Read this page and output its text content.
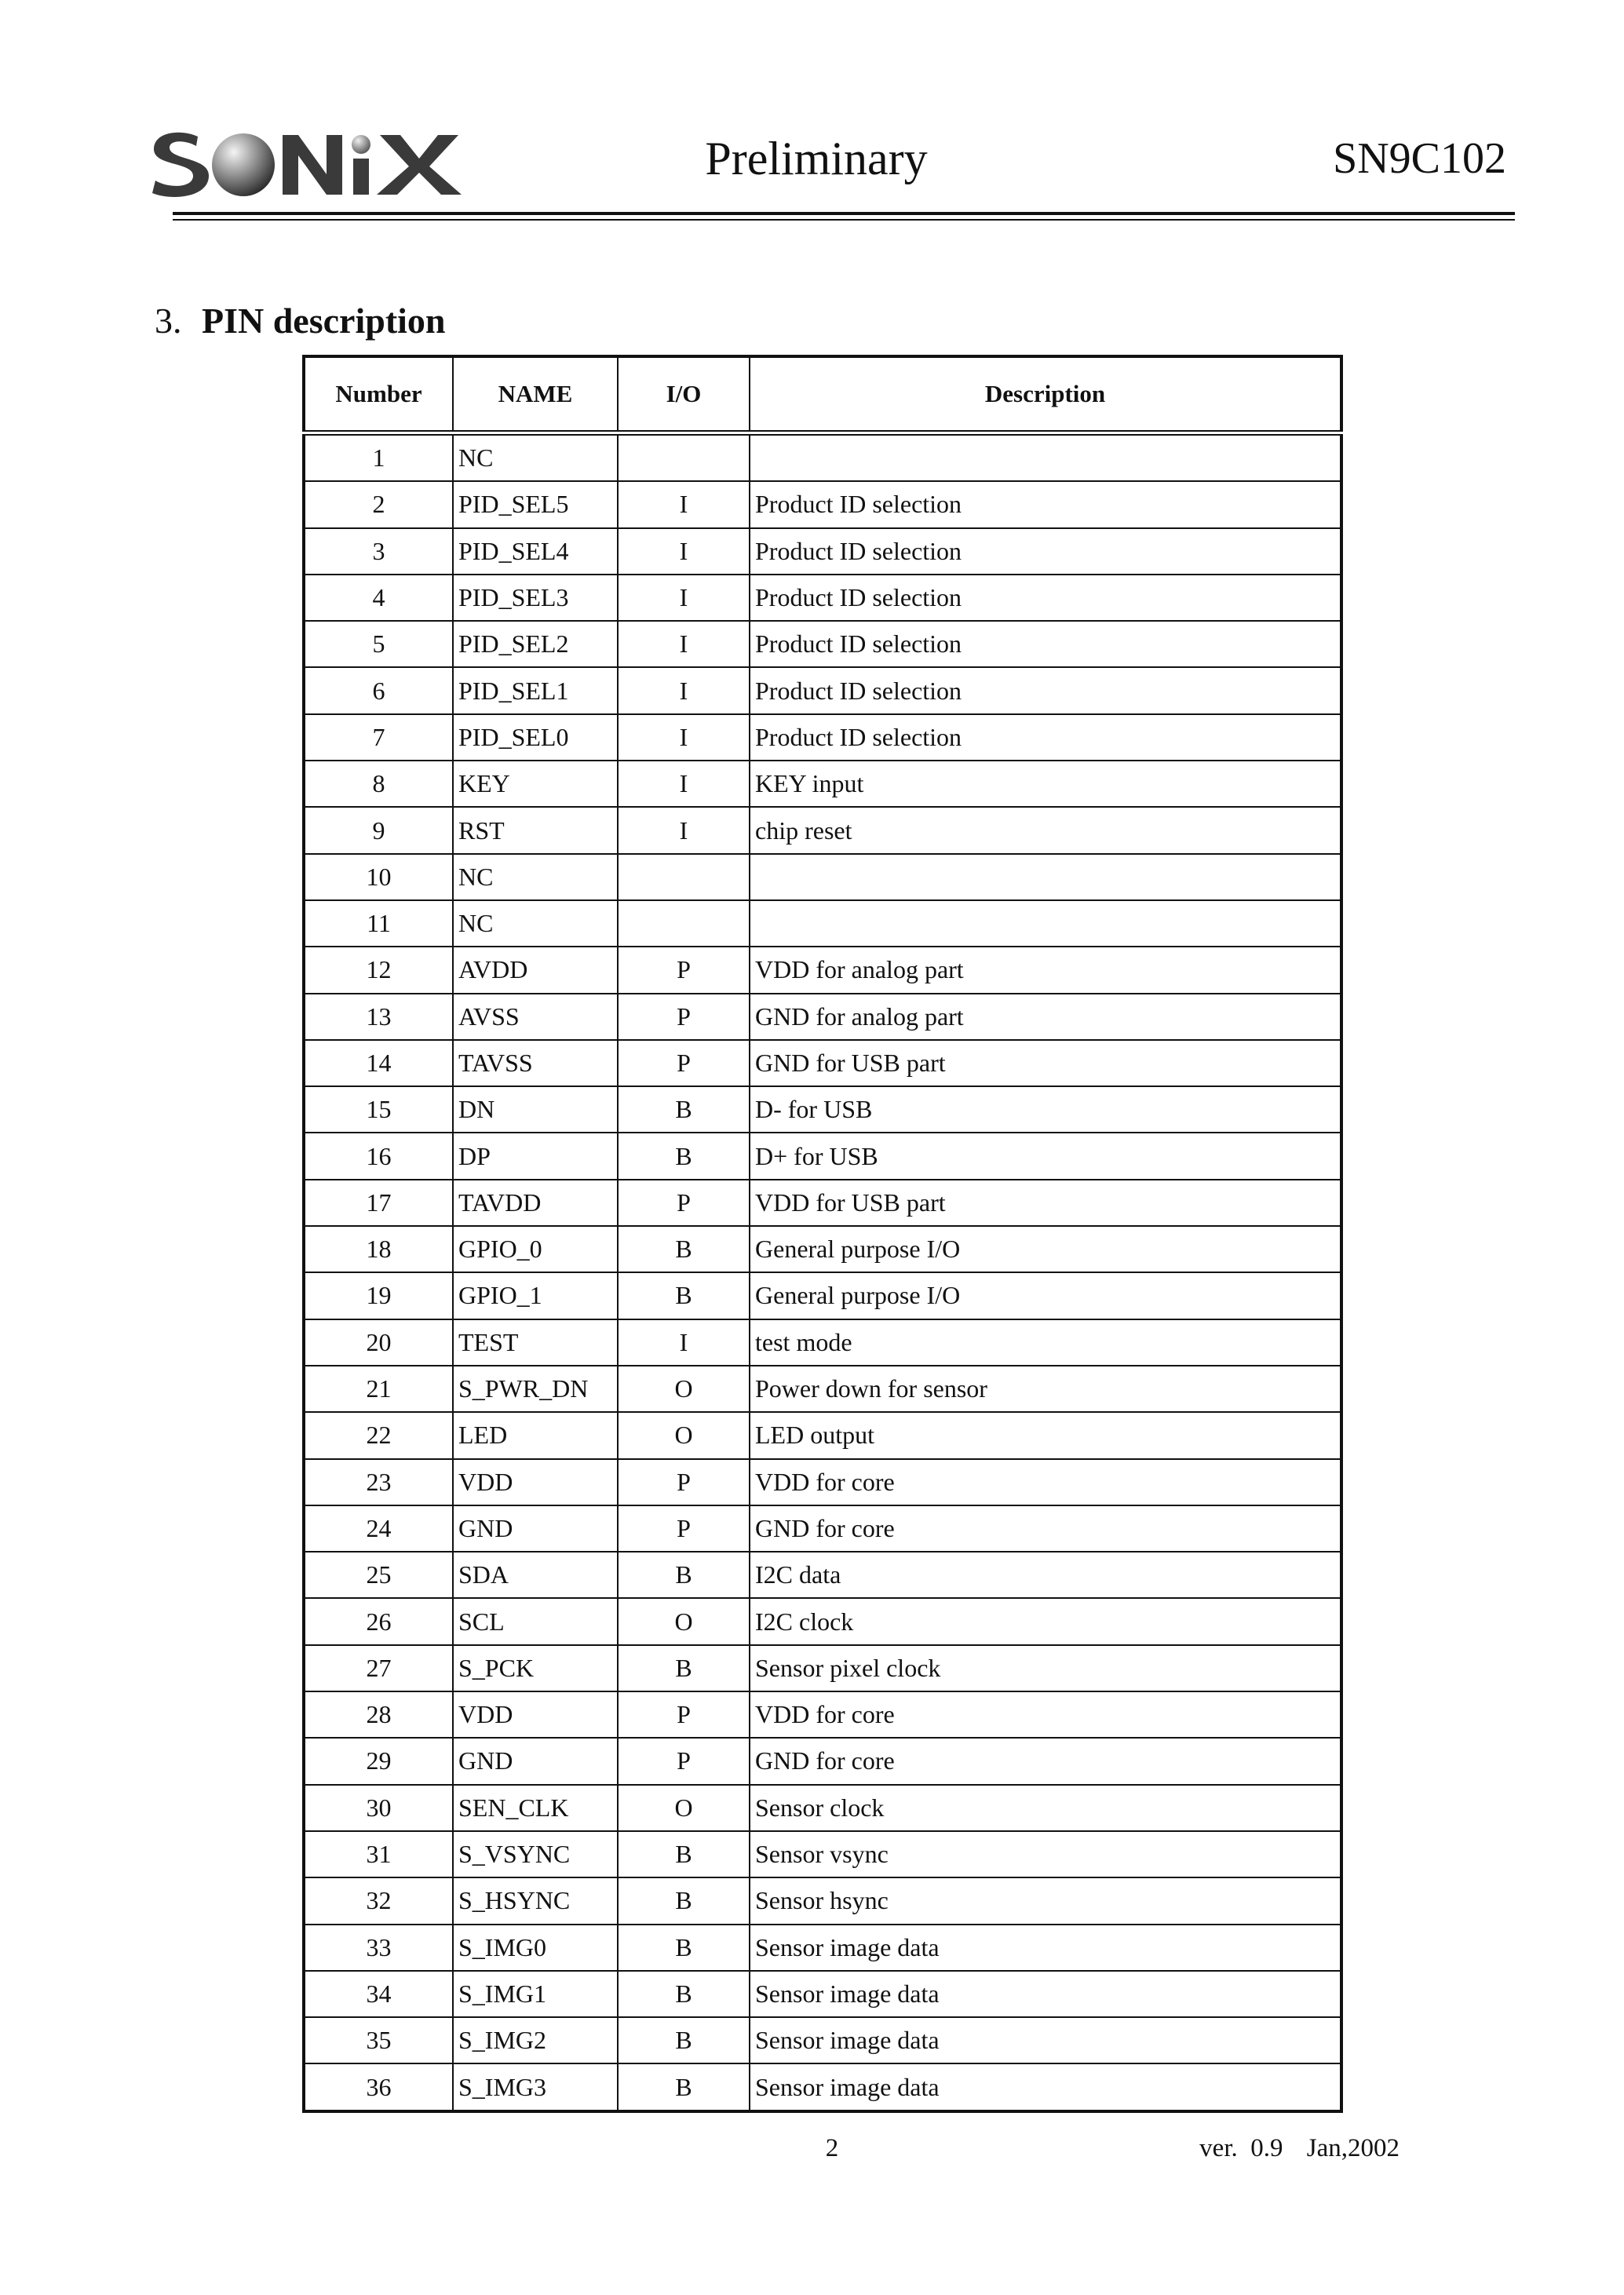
Preliminary	SN9C102
3. PIN description
Number	NAME	I/O	Description
1	NC		
2	PID_SEL5	I	Product ID selection
3	PID_SEL4	I	Product ID selection
4	PID_SEL3	I	Product ID selection
5	PID_SEL2	I	Product ID selection
6	PID_SEL1	I	Product ID selection
7	PID_SEL0	I	Product ID selection
8	KEY	I	KEY input
9	RST	I	chip reset
10	NC		
11	NC		
12	AVDD	P	VDD for analog part
13	AVSS	P	GND for analog part
14	TAVSS	P	GND for USB part
15	DN	B	D- for USB
16	DP	B	D+ for USB
17	TAVDD	P	VDD for USB part
18	GPIO_0	B	General purpose I/O
19	GPIO_1	B	General purpose I/O
20	TEST	I	test mode
21	S_PWR_DN	O	Power down for sensor
22	LED	O	LED output
23	VDD	P	VDD for core
24	GND	P	GND for core
25	SDA	B	I2C data
26	SCL	O	I2C clock
27	S_PCK	B	Sensor pixel clock
28	VDD	P	VDD for core
29	GND	P	GND for core
30	SEN_CLK	O	Sensor clock
31	S_VSYNC	B	Sensor vsync
32	S_HSYNC	B	Sensor hsync
33	S_IMG0	B	Sensor image data
34	S_IMG1	B	Sensor image data
35	S_IMG2	B	Sensor image data
36	S_IMG3	B	Sensor image data
2	ver.  0.9 Jan,2002
